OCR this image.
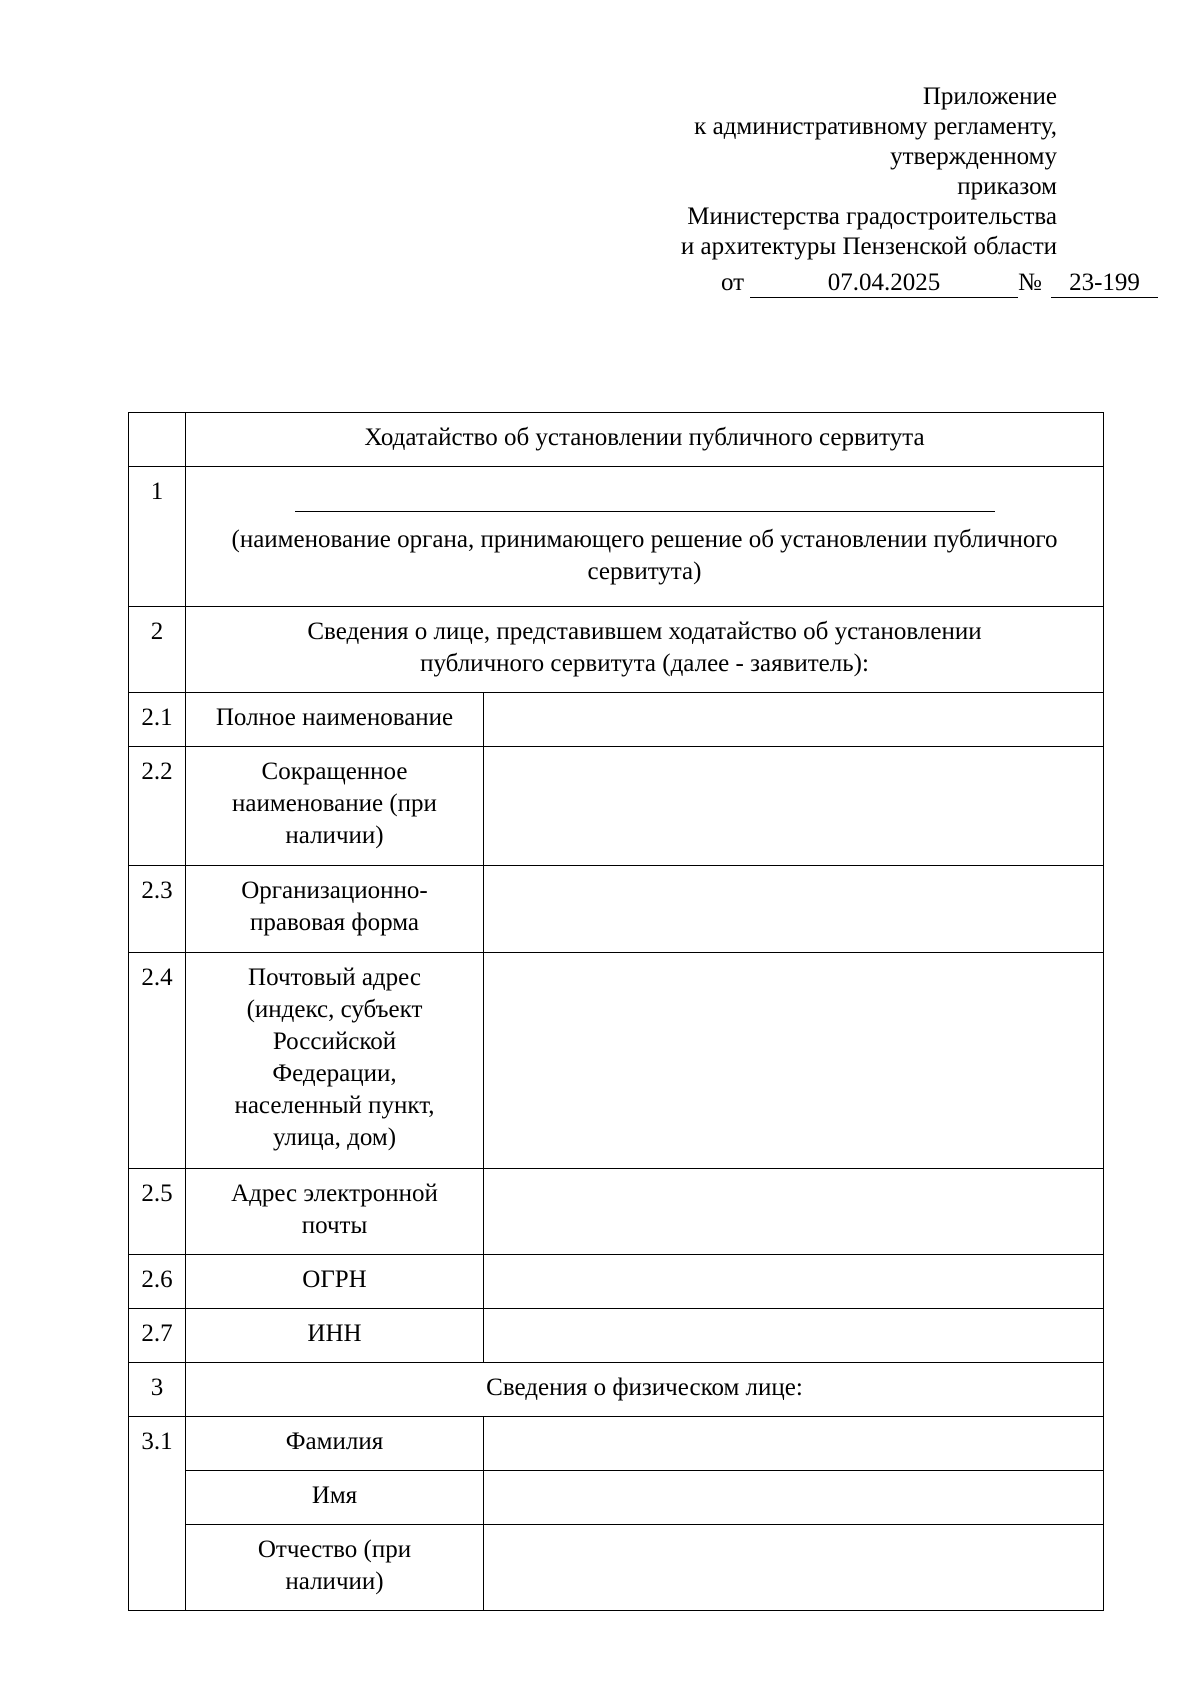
Приложение
к административному регламенту,
утвержденному
приказом
Министерства градостроительства
и архитектуры Пензенской области
от	07.04.2025	№	23-199
	Ходатайство об установлении публичного сервитута	
1	(наименование органа, принимающего решение об установлении публичного сервитута)	

2	Сведения о лице, представившем ходатайство об установлении публичного сервитута (далее - заявитель):	
2.1	Полное наименование	
2.2	Сокращенное наименование (при наличии)	
2.3	Организационно-правовая форма	
2.4	Почтовый адрес (индекс, субъект Российской Федерации, населенный пункт, улица, дом)	
2.5	Адрес электронной почты	
2.6	ОГРН	
2.7	ИНН	
3	Сведения о физическом лице:	
3.1	Фамилия	
	Имя	
	Отчество (при наличии)	
